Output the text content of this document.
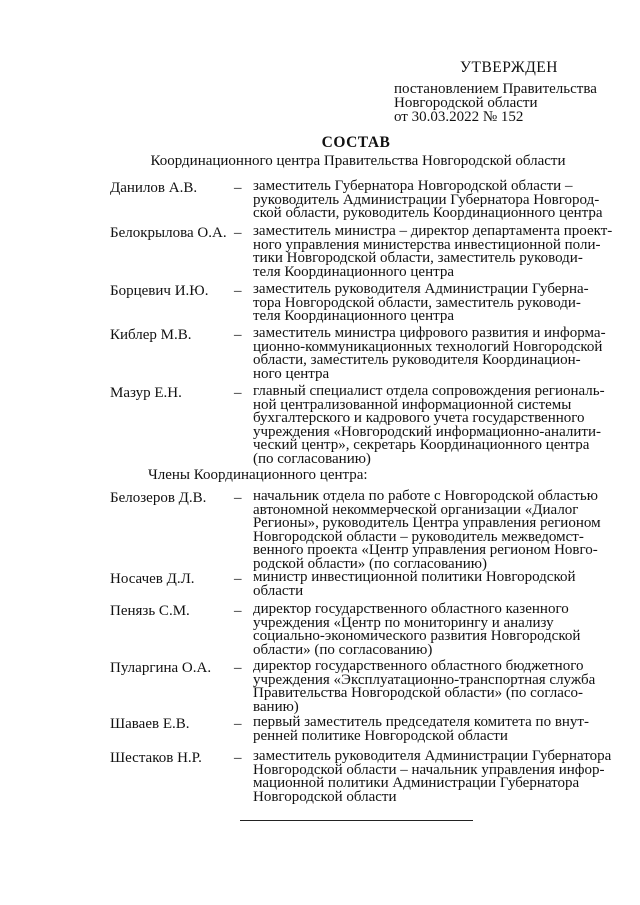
УТВЕРЖДЕН
постановлением Правительства
Новгородской области
от 30.03.2022 № 152
СОСТАВ
Координационного центра Правительства Новгородской области
Данилов А.В. – заместитель Губернатора Новгородской области –
руководитель Администрации Губернатора Новгород-
ской области, руководитель Координационного центра
Белокрылова О.А. – заместитель министра – директор департамента проект-
ного управления министерства инвестиционной поли-
тики Новгородской области, заместитель руководи-
теля Координационного центра
Борцевич И.Ю. – заместитель руководителя Администрации Губерна-
тора Новгородской области, заместитель руководи-
теля Координационного центра
Киблер М.В.	– заместитель министра цифрового развития и информа-
ционно-коммуникационных технологий Новгородской
области, заместитель руководителя Координацион-
ного центра
Мазур Е.Н.	– главный специалист отдела сопровождения региональ-
ной централизованной информационной системы
бухгалтерского и кадрового учета государственного
учреждения «Новгородский информационно-аналити-
ческий центр», секретарь Координационного центра
(по согласованию)
Члены Координационного центра:
Белозеров Д.В. – начальник отдела по работе с Новгородской областью
автономной некоммерческой организации «Диалог
Регионы», руководитель Центра управления регионом
Новгородской области – руководитель межведомст-
венного проекта «Центр управления регионом Новго-
родской области» (по согласованию)
Носачев Д.Л.	– министр инвестиционной политики Новгородской
области
Пенязь С.М.	– директор государственного областного казенного
учреждения «Центр по мониторингу и анализу
социально-экономического развития Новгородской
области» (по согласованию)
Пуларгина О.А. – директор государственного областного бюджетного
учреждения «Эксплуатационно-транспортная служба
Правительства Новгородской области» (по согласо-
ванию)
Шаваев Е.В.	– первый заместитель председателя комитета по внут-
ренней политике Новгородской области
Шестаков Н.Р. – заместитель руководителя Администрации Губернатора
Новгородской области – начальник управления инфор-
мационной политики Администрации Губернатора
Новгородской области
